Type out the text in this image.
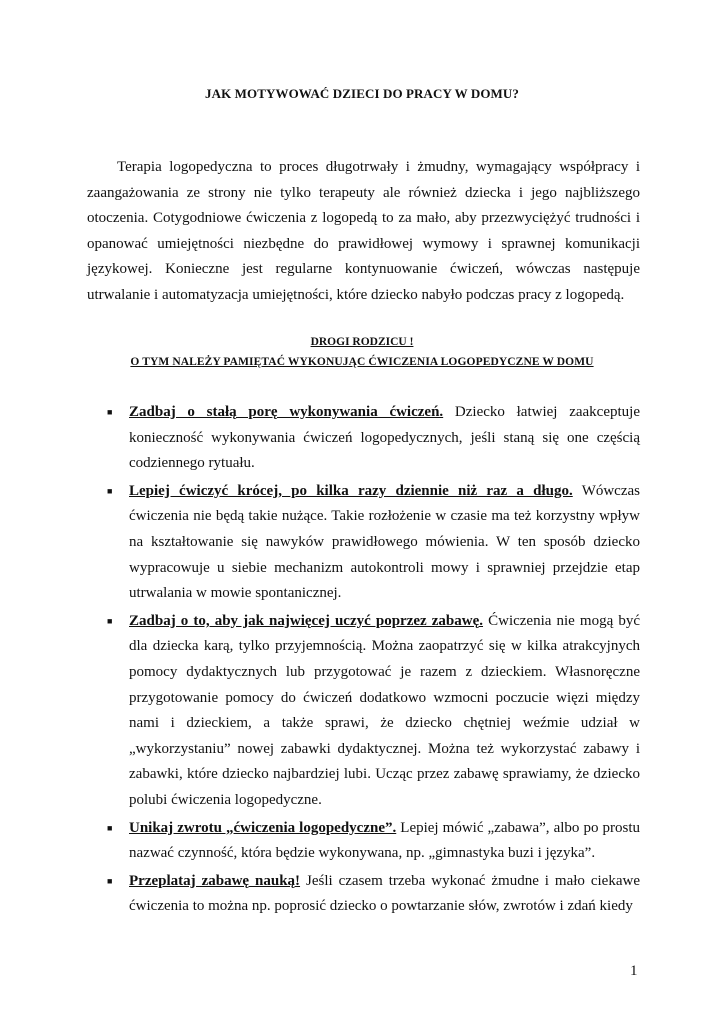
JAK MOTYWOWAĆ DZIECI DO PRACY W DOMU?

Terapia logopedyczna to proces długotrwały i żmudny, wymagający współpracy i zaangażowania ze strony nie tylko terapeuty ale również dziecka i jego najbliższego otoczenia. Cotygodniowe ćwiczenia z logopedą to za mało, aby przezwyciężyć trudności i opanować umiejętności niezbędne do prawidłowej wymowy i sprawnej komunikacji językowej. Konieczne jest regularne kontynuowanie ćwiczeń, wówczas następuje utrwalanie i automatyzacja umiejętności, które dziecko nabyło podczas pracy z logopedą.

DROGI RODZICU !
O TYM NALEŻY PAMIĘTAĆ WYKONUJĄC ĆWICZENIA LOGOPEDYCZNE W DOMU
■ Zadbaj o stałą porę wykonywania ćwiczeń. Dziecko łatwiej zaakceptuje konieczność wykonywania ćwiczeń logopedycznych, jeśli staną się one częścią codziennego rytuału.
■ Lepiej ćwiczyć krócej, po kilka razy dziennie niż raz a długo. Wówczas ćwiczenia nie będą takie nużące. Takie rozłożenie w czasie ma też korzystny wpływ na kształtowanie się nawyków prawidłowego mówienia. W ten sposób dziecko wypracowuje u siebie mechanizm autokontroli mowy i sprawniej przejdzie etap utrwalania w mowie spontanicznej.
■ Zadbaj o to, aby jak najwięcej uczyć poprzez zabawę. Ćwiczenia nie mogą być dla dziecka karą, tylko przyjemnością. Można zaopatrzyć się w kilka atrakcyjnych pomocy dydaktycznych lub przygotować je razem z dzieckiem. Własnoręczne przygotowanie pomocy do ćwiczeń dodatkowo wzmocni poczucie więzi między nami i dzieckiem, a także sprawi, że dziecko chętniej weźmie udział w „wykorzystaniu” nowej zabawki dydaktycznej. Można też wykorzystać zabawy i zabawki, które dziecko najbardziej lubi. Ucząc przez zabawę sprawiamy, że dziecko polubi ćwiczenia logopedyczne.
■ Unikaj zwrotu „ćwiczenia logopedyczne”. Lepiej mówić „zabawa”, albo po prostu nazwać czynność, która będzie wykonywana, np. „gimnastyka buzi i języka”.
■ Przeplataj zabawę nauką! Jeśli czasem trzeba wykonać żmudne i mało ciekawe ćwiczenia to można np. poprosić dziecko o powtarzanie słów, zwrotów i zdań kiedy
1
